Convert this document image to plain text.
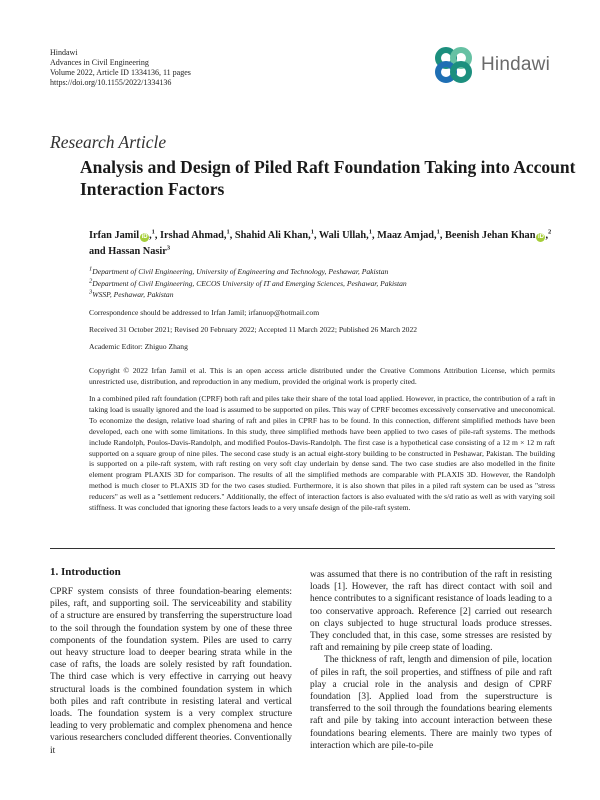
Hindawi
Advances in Civil Engineering
Volume 2022, Article ID 1334136, 11 pages
https://doi.org/10.1155/2022/1334136
Hindawi
Research Article
Analysis and Design of Piled Raft Foundation Taking into Account Interaction Factors
Irfan Jamil iD ,$^1$, Irshad Ahmad,$^1$, Shahid Ali Khan,$^1$, Wali Ullah,$^1$, Maaz Amjad,$^1$, Beenish Jehan Khan iD ,$^2$ and Hassan Nasir$^3$
$^1$Department of Civil Engineering, University of Engineering and Technology, Peshawar, Pakistan
$^2$Department of Civil Engineering, CECOS University of IT and Emerging Sciences, Peshawar, Pakistan
$^3$WSSP, Peshawar, Pakistan
Correspondence should be addressed to Irfan Jamil; irfanuop@hotmail.com
Received 31 October 2021; Revised 20 February 2022; Accepted 11 March 2022; Published 26 March 2022
Academic Editor: Zhiguo Zhang
Copyright © 2022 Irfan Jamil et al. This is an open access article distributed under the Creative Commons Attribution License, which permits unrestricted use, distribution, and reproduction in any medium, provided the original work is properly cited.
In a combined piled raft foundation (CPRF) both raft and piles take their share of the total load applied. However, in practice, the contribution of a raft in taking load is usually ignored and the load is assumed to be supported on piles. This way of CPRF becomes excessively conservative and uneconomical. To economize the design, relative load sharing of raft and piles in CPRF has to be found. In this connection, different simplified methods have been developed, each one with some limitations. In this study, three simplified methods have been applied to two cases of pile-raft systems. The methods include Randolph, Poulos-Davis-Randolph, and modified Poulos-Davis-Randolph. The first case is a hypothetical case consisting of a 12 m × 12 m raft supported on a square group of nine piles. The second case study is an actual eight-story building to be constructed in Peshawar, Pakistan. The building is supported on a pile-raft system, with raft resting on very soft clay underlain by dense sand. The two case studies are also modelled in the finite element program PLAXIS 3D for comparison. The results of all the simplified methods are comparable with PLAXIS 3D. However, the Randolph method is much closer to PLAXIS 3D for the two cases studied. Furthermore, it is also shown that piles in a piled raft system can be used as "stress reducers" as well as a "settlement reducers." Additionally, the effect of interaction factors is also evaluated with the s/d ratio as well as with varying soil stiffness. It was concluded that ignoring these factors leads to a very unsafe design of the pile-raft system.
1. Introduction

CPRF system consists of three foundation-bearing elements: piles, raft, and supporting soil. The serviceability and stability of a structure are ensured by transferring the superstructure load to the soil through the foundation system by one of these three components of the foundation system. Piles are used to carry out heavy structure load to deeper bearing strata while in the case of rafts, the loads are solely resisted by raft foundation. The third case which is very effective in carrying out heavy structural loads is the combined foundation system in which both piles and raft contribute in resisting lateral and vertical loads. The foundation system is a very complex structure leading to very problematic and complex phenomena and hence various researchers concluded different theories. Conventionally it

was assumed that there is no contribution of the raft in resisting loads [1]. However, the raft has direct contact with soil and hence contributes to a significant resistance of loads leading to a too conservative approach. Reference [2] carried out research on clays subjected to huge structural loads produce stresses. They concluded that, in this case, some stresses are resisted by raft and remaining by pile creep state of loading.

The thickness of raft, length and dimension of pile, location of piles in raft, the soil properties, and stiffness of pile and raft play a crucial role in the analysis and design of CPRF foundation [3]. Applied load from the superstructure is transferred to the soil through the foundations bearing elements raft and pile by taking into account interaction between these foundations bearing elements. There are mainly two types of interaction which are pile-to-pile
